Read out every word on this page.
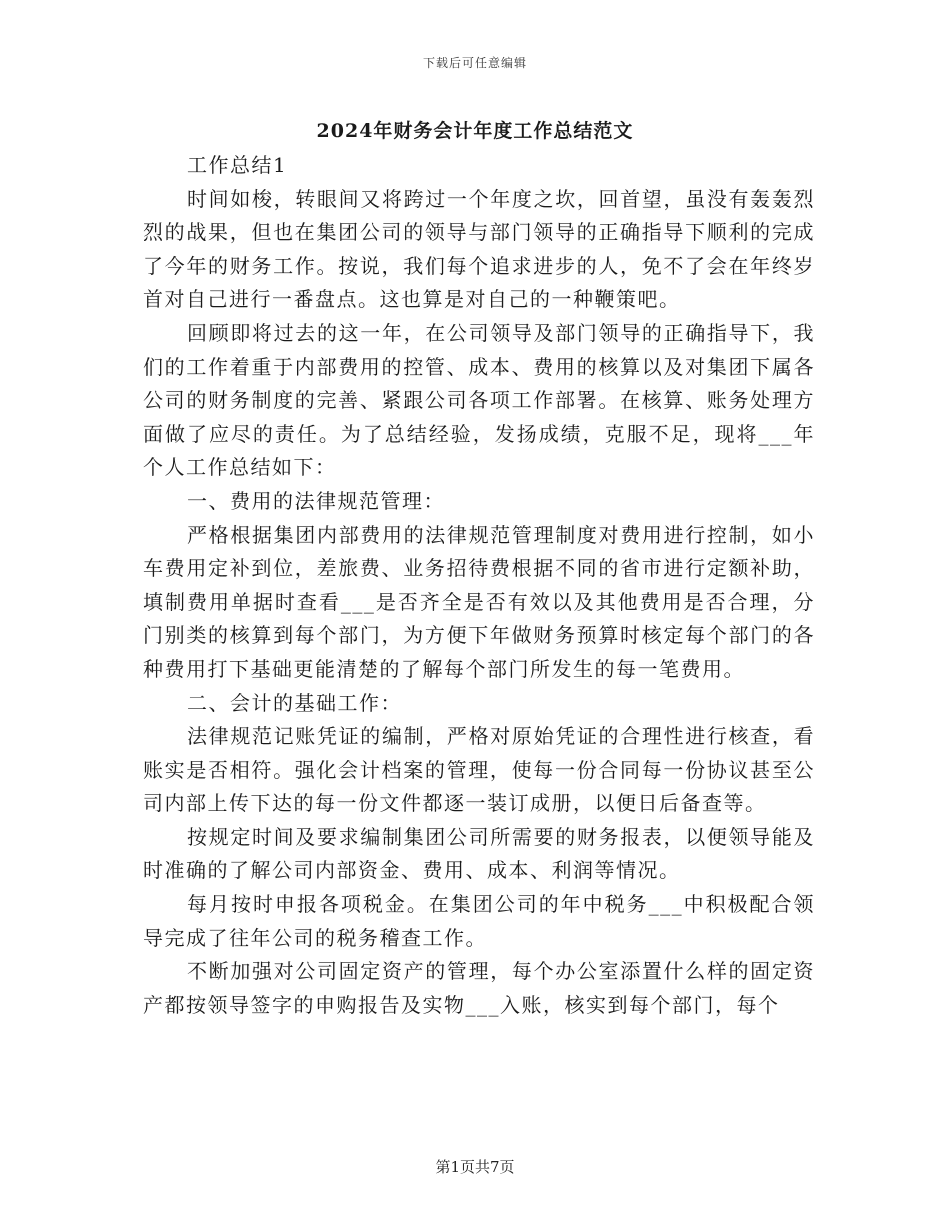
下载后可任意编辑
2024年财务会计年度工作总结范文

工作总结1

时间如梭，转眼间又将跨过一个年度之坎，回首望，虽没有轰轰烈烈的战果，但也在集团公司的领导与部门领导的正确指导下顺利的完成了今年的财务工作。按说，我们每个追求进步的人，免不了会在年终岁首对自己进行一番盘点。这也算是对自己的一种鞭策吧。

回顾即将过去的这一年，在公司领导及部门领导的正确指导下，我们的工作着重于内部费用的控管、成本、费用的核算以及对集团下属各公司的财务制度的完善、紧跟公司各项工作部署。在核算、账务处理方面做了应尽的责任。为了总结经验，发扬成绩，克服不足，现将___年个人工作总结如下：

一、费用的法律规范管理：

严格根据集团内部费用的法律规范管理制度对费用进行控制，如小车费用定补到位，差旅费、业务招待费根据不同的省市进行定额补助，填制费用单据时查看___是否齐全是否有效以及其他费用是否合理，分门别类的核算到每个部门，为方便下年做财务预算时核定每个部门的各种费用打下基础更能清楚的了解每个部门所发生的每一笔费用。

二、会计的基础工作：

法律规范记账凭证的编制，严格对原始凭证的合理性进行核查，看账实是否相符。强化会计档案的管理，使每一份合同每一份协议甚至公司内部上传下达的每一份文件都逐一装订成册，以便日后备查等。

按规定时间及要求编制集团公司所需要的财务报表，以便领导能及时准确的了解公司内部资金、费用、成本、利润等情况。

每月按时申报各项税金。在集团公司的年中税务___中积极配合领导完成了往年公司的税务稽查工作。

不断加强对公司固定资产的管理，每个办公室添置什么样的固定资产都按领导签字的申购报告及实物___入账，核实到每个部门，每个

第1页共7页
